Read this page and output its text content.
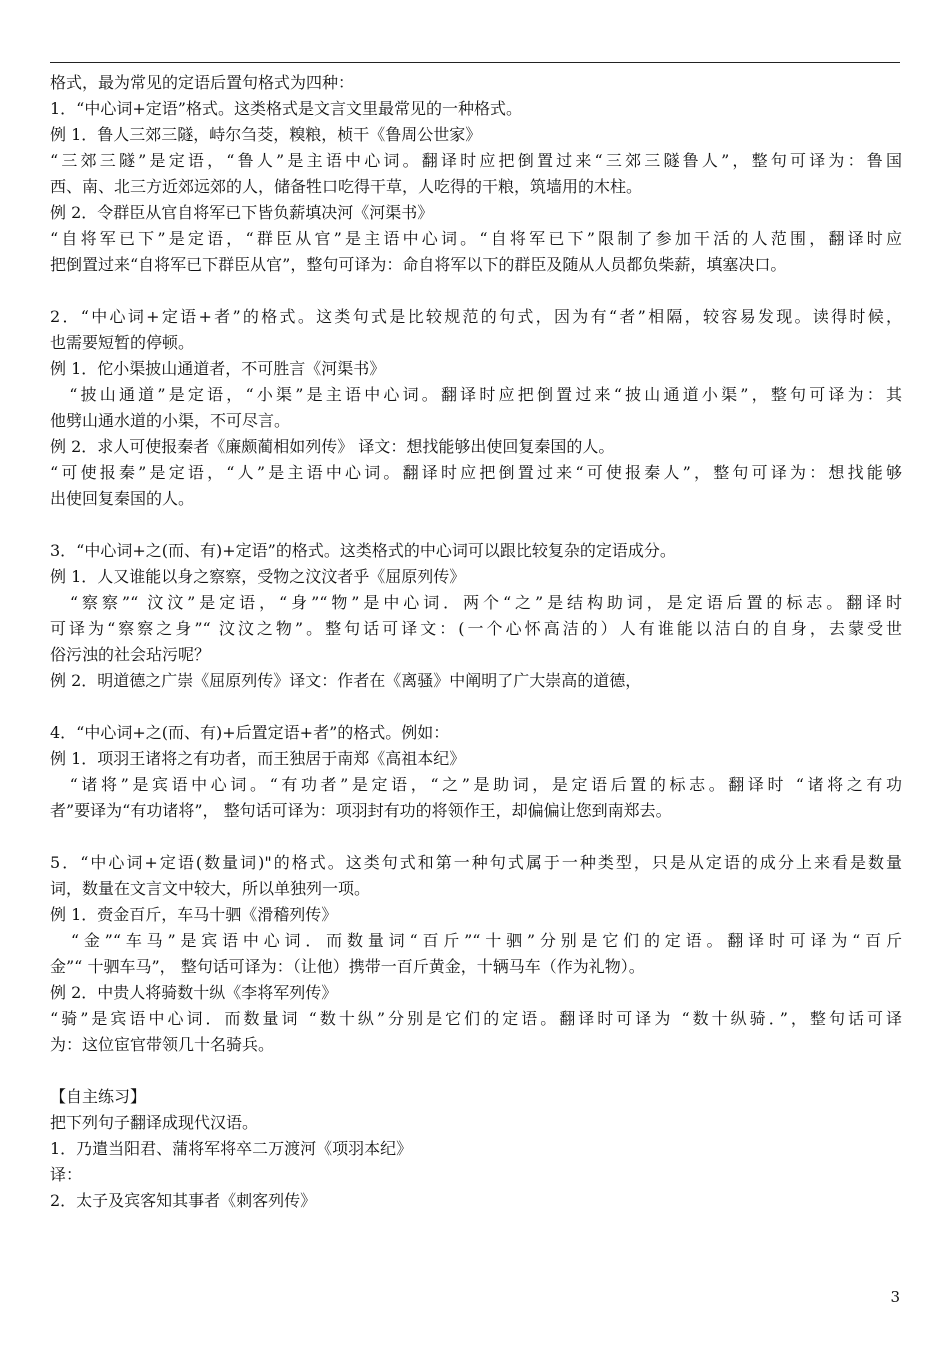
格式，最为常见的定语后置句格式为四种：
1．“中心词+定语”格式。这类格式是文言文里最常见的一种格式。
例 1．鲁人三郊三隧，峙尔刍茭，糗粮，桢干《鲁周公世家》
“三郊三隧”是定语，“鲁人”是主语中心词。翻译时应把倒置过来“三郊三隧鲁人”，整句可译为：鲁国
西、南、北三方近郊远郊的人，储备牲口吃得干草，人吃得的干粮，筑墙用的木柱。
例 2．令群臣从官自将军已下皆负薪填决河《河渠书》
“自将军已下”是定语，“群臣从官”是主语中心词。“自将军已下”限制了参加干活的人范围，翻译时应
把倒置过来“自将军已下群臣从官”，整句可译为：命自将军以下的群臣及随从人员都负柴薪，填塞决口。
2．“中心词+定语+者”的格式。这类句式是比较规范的句式，因为有“者”相隔，较容易发现。读得时候，
也需要短暂的停顿。
例 1．佗小渠披山通道者，不可胜言《河渠书》
　“披山通道”是定语，“小渠”是主语中心词。翻译时应把倒置过来“披山通道小渠”，整句可译为：其
他劈山通水道的小渠，不可尽言。
例 2．求人可使报秦者《廉颇蔺相如列传》 译文：想找能够出使回复秦国的人。
“可使报秦”是定语，“人”是主语中心词。翻译时应把倒置过来“可使报秦人”，整句可译为：想找能够
出使回复秦国的人。
3．“中心词+之(而、有)+定语”的格式。这类格式的中心词可以跟比较复杂的定语成分。
例 1．人又谁能以身之察察，受物之汶汶者乎《屈原列传》
　“察察”“ 汶汶”是定语，“身”“物”是中心词．两个“之”是结构助词，是定语后置的标志。翻译时
可译为“察察之身”“ 汶汶之物”。整句话可译文：(一个心怀高洁的）人有谁能以洁白的自身，去蒙受世
俗污浊的社会玷污呢？
例 2．明道德之广崇《屈原列传》译文：作者在《离骚》中阐明了广大崇高的道德，
4．“中心词+之(而、有)+后置定语+者”的格式。例如：
例 1．项羽王诸将之有功者，而王独居于南郑《高祖本纪》
　“诸将”是宾语中心词。“有功者”是定语，“之”是助词，是定语后置的标志。翻译时 “诸将之有功
者”要译为“有功诸将”， 整句话可译为：项羽封有功的将领作王，却偏偏让您到南郑去。
5．“中心词+定语(数量词)"的格式。这类句式和第一种句式属于一种类型，只是从定语的成分上来看是数量
词，数量在文言文中较大，所以单独列一项。
例 1．赍金百斤，车马十驷《滑稽列传》
　“金”“车马”是宾语中心词．而数量词“百斤”“十驷”分别是它们的定语。翻译时可译为“百斤
金”“ 十驷车马”， 整句话可译为：（让他）携带一百斤黄金，十辆马车（作为礼物）。
例 2．中贵人将骑数十纵《李将军列传》
“骑”是宾语中心词．而数量词 “数十纵”分别是它们的定语。翻译时可译为 “数十纵骑．”，整句话可译
为：这位宦官带领几十名骑兵。
【自主练习】
把下列句子翻译成现代汉语。
1．乃遣当阳君、蒲将军将卒二万渡河《项羽本纪》
译：
2．太子及宾客知其事者《刺客列传》
3
